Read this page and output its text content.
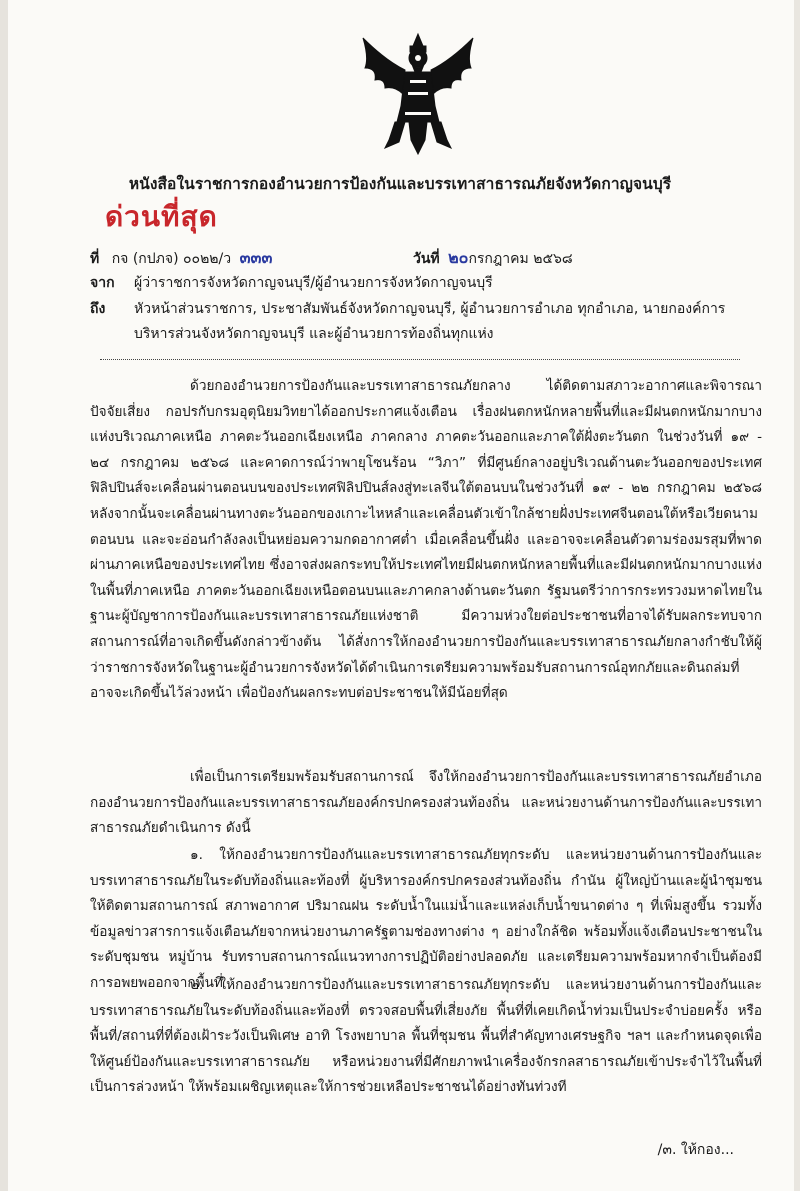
หนังสือในราชการกองอำนวยการป้องกันและบรรเทาสาธารณภัยจังหวัดกาญจนบุรี
ด่วนที่สุด
ที่ กจ (กปภจ) ๐๐๒๒/ว ๓๓๓	วันที่ ๒๐กรกฎาคม ๒๕๖๘
จาก ผู้ว่าราชการจังหวัดกาญจนบุรี/ผู้อำนวยการจังหวัดกาญจนบุรี
ถึง หัวหน้าส่วนราชการ, ประชาสัมพันธ์จังหวัดกาญจนบุรี, ผู้อำนวยการอำเภอ ทุกอำเภอ, นายกองค์การ
บริหารส่วนจังหวัดกาญจนบุรี และผู้อำนวยการท้องถิ่นทุกแห่ง

ด้วยกองอำนวยการป้องกันและบรรเทาสาธารณภัยกลาง ได้ติดตามสภาวะอากาศและพิจารณาปัจจัยเสี่ยง กอปรกับกรมอุตุนิยมวิทยาได้ออกประกาศแจ้งเตือน เรื่องฝนตกหนักหลายพื้นที่และมีฝนตกหนักมากบางแห่งบริเวณภาคเหนือ ภาคตะวันออกเฉียงเหนือ ภาคกลาง ภาคตะวันออกและภาคใต้ฝั่งตะวันตก ในช่วงวันที่ ๑๙ - ๒๔ กรกฎาคม ๒๕๖๘ และคาดการณ์ว่าพายุโซนร้อน “วิภา” ที่มีศูนย์กลางอยู่บริเวณด้านตะวันออกของประเทศฟิลิปปินส์จะเคลื่อนผ่านตอนบนของประเทศฟิลิปปินส์ลงสู่ทะเลจีนใต้ตอนบนในช่วงวันที่ ๑๙ - ๒๒ กรกฎาคม ๒๕๖๘ หลังจากนั้นจะเคลื่อนผ่านทางตะวันออกของเกาะไหหลำและเคลื่อนตัวเข้าใกล้ชายฝั่งประเทศจีนตอนใต้หรือเวียดนามตอนบน และจะอ่อนกำลังลงเป็นหย่อมความกดอากาศต่ำ เมื่อเคลื่อนขึ้นฝั่ง และอาจจะเคลื่อนตัวตามร่องมรสุมที่พาดผ่านภาคเหนือของประเทศไทย ซึ่งอาจส่งผลกระทบให้ประเทศไทยมีฝนตกหนักหลายพื้นที่และมีฝนตกหนักมากบางแห่งในพื้นที่ภาคเหนือ ภาคตะวันออกเฉียงเหนือตอนบนและภาคกลางด้านตะวันตก รัฐมนตรีว่าการกระทรวงมหาดไทยในฐานะผู้บัญชาการป้องกันและบรรเทาสาธารณภัยแห่งชาติ มีความห่วงใยต่อประชาชนที่อาจได้รับผลกระทบจากสถานการณ์ที่อาจเกิดขึ้นดังกล่าวข้างต้น ได้สั่งการให้กองอำนวยการป้องกันและบรรเทาสาธารณภัยกลางกำชับให้ผู้ว่าราชการจังหวัดในฐานะผู้อำนวยการจังหวัดได้ดำเนินการเตรียมความพร้อมรับสถานการณ์อุทกภัยและดินถล่มที่อาจจะเกิดขึ้นไว้ล่วงหน้า เพื่อป้องกันผลกระทบต่อประชาชนให้มีน้อยที่สุด

เพื่อเป็นการเตรียมพร้อมรับสถานการณ์ จึงให้กองอำนวยการป้องกันและบรรเทาสาธารณภัยอำเภอ กองอำนวยการป้องกันและบรรเทาสาธารณภัยองค์กรปกครองส่วนท้องถิ่น และหน่วยงานด้านการป้องกันและบรรเทาสาธารณภัยดำเนินการ ดังนี้

๑. ให้กองอำนวยการป้องกันและบรรเทาสาธารณภัยทุกระดับ และหน่วยงานด้านการป้องกันและบรรเทาสาธารณภัยในระดับท้องถิ่นและท้องที่ ผู้บริหารองค์กรปกครองส่วนท้องถิ่น กำนัน ผู้ใหญ่บ้านและผู้นำชุมชน ให้ติดตามสถานการณ์ สภาพอากาศ ปริมาณฝน ระดับน้ำในแม่น้ำและแหล่งเก็บน้ำขนาดต่าง ๆ ที่เพิ่มสูงขึ้น รวมทั้งข้อมูลข่าวสารการแจ้งเตือนภัยจากหน่วยงานภาครัฐตามช่องทางต่าง ๆ อย่างใกล้ชิด พร้อมทั้งแจ้งเตือนประชาชนในระดับชุมชน หมู่บ้าน รับทราบสถานการณ์แนวทางการปฏิบัติอย่างปลอดภัย และเตรียมความพร้อมหากจำเป็นต้องมีการอพยพออกจากพื้นที่

๒. ให้กองอำนวยการป้องกันและบรรเทาสาธารณภัยทุกระดับ และหน่วยงานด้านการป้องกันและบรรเทาสาธารณภัยในระดับท้องถิ่นและท้องที่ ตรวจสอบพื้นที่เสี่ยงภัย พื้นที่ที่เคยเกิดน้ำท่วมเป็นประจำบ่อยครั้ง หรือพื้นที่/สถานที่ที่ต้องเฝ้าระวังเป็นพิเศษ อาทิ โรงพยาบาล พื้นที่ชุมชน พื้นที่สำคัญทางเศรษฐกิจ ฯลฯ และกำหนดจุดเพื่อให้ศูนย์ป้องกันและบรรเทาสาธารณภัย หรือหน่วยงานที่มีศักยภาพนำเครื่องจักรกลสาธารณภัยเข้าประจำไว้ในพื้นที่เป็นการล่วงหน้า ให้พร้อมเผชิญเหตุและให้การช่วยเหลือประชาชนได้อย่างทันท่วงที

/๓. ให้กอง...
